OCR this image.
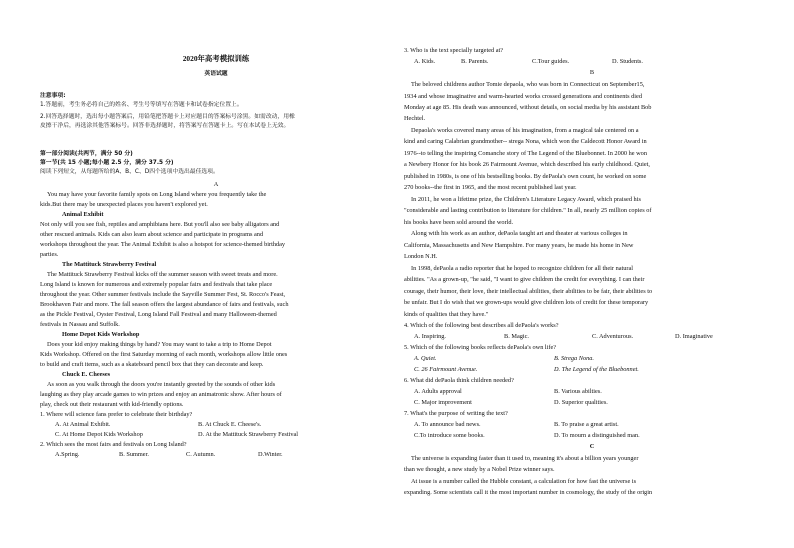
2020年高考模拟训练
英语试题
注意事项:
1.答题前，考生务必将自己的姓名、考生号等填写在答题卡和试卷指定位置上。
2.回答选择题时，选出每小题答案后，用铅笔把答题卡上对应题目的答案标号涂黑。如需改动，用橡
皮擦干净后，再选涂其他答案标号。回答非选择题时，将答案写在答题卡上。写在本试卷上无效。
第一部分阅读(共两节，满分 50 分)
第一节(共 15 小题;每小题 2.5 分，满分 37.5 分)
阅读下列短文，从每题所给的A、B、C、D四个选项中选出最佳选项。
A
You may have your favorite family spots on Long Island where you frequently take the
kids.But there may be unexpected places you haven't explored yet.
Animal Exhibit
Not only will you see fish, reptiles and amphibians here. But you'll also see baby alligators and
other rescued animals. Kids can also learn about science and participate in programs and
workshops throughout the year. The Animal Exhibit is also a hotspot for science-themed birthday
parties.
The Mattituck Strawberry Festival
The Mattituck Strawberry Festival kicks off the summer season with sweet treats and more.
Long Island is known for numerous and extremely popular fairs and festivals that take place
throughout the year. Other summer festivals include the Sayville Summer Fest, St. Rocco's Feast,
Brookhaven Fair and more. The fall season offers the largest abundance of fairs and festivals, such
as the Pickle Festival, Oyster Festival, Long Island Fall Festival and many Halloween-themed
festivals in Nassau and Suffolk.
Home Depot Kids Workshop
Does your kid enjoy making things by hand? You may want to take a trip to Home Depot
Kids Workshop. Offered on the first Saturday morning of each month, workshops allow little ones
to build and craft items, such as a skateboard pencil box that they can decorate and keep.
Chuck E. Cheeses
As soon as you walk through the doors you're instantly greeted by the sounds of other kids
laughing as they play arcade games to win prizes and enjoy an animatronic show. After hours of
play, check out their restaurant with kid-friendly options.
1. Where will science fans prefer to celebrate their birthday?
A. At Animal Exhibit.	B. At Chuck E. Cheese's.
C. At Home Depot Kids Workshop	D. At the Mattituck Strawberry Festival
2. Which sees the most fairs and festivals on Long Island?
A.Spring.	B. Summer.	C. Autumn.	D.Winter.
3. Who is the text specially targeted at?
A. Kids.	B. Parents.	C.Tour guides.	D. Students.
B
The beloved childrens author Tomie depaola, who was born in Connecticut on September15,
1934 and whose imaginative and warm-hearted works crossed generations and continents died
Monday at age 85. His death was announced, without details, on social media by his assistant Bob
Hechtel.
Depaola's works covered many areas of his imagination, from a magical tale centered on a
kind and caring Calabrian grandmother-- strega Nona, which won the Caldecott Honor Award in
1976--to telling the inspiring Comanche story of The Legend of the Bluebonnet. In 2000 he won
a Newbery Honor for his book 26 Fairmount Avenue, which described his early childhood. Quiet,
published in 1980s, is one of his bestselling books. By dePaola's own count, he worked on some
270 books--the first in 1965, and the most recent published last year.
In 2011, he won a lifetime prize, the Children's Literature Legacy Award, which praised his
"considerable and lasting contribution to literature for children." In all, nearly 25 million copies of
his books have been sold around the world.
Along with his work as an author, dePaola taught art and theater at various colleges in
California, Massachusetts and New Hampshire. For many years, he made his home in New
London N.H.
In 1998, dePaola a radio reporter that he hoped to recognize children for all their natural
abilities. "As a grown-up, "he said, "I want to give children the credit for everything. I can their
courage, their humor, their love, their intellectual abilities, their abilities to be fair, their abilities to
be unfair. But I do wish that we grown-ups would give children lots of credit for these temporary
kinds of qualities that they have."
4. Which of the following best describes all dePaola's works?
A. Inspiring.	B. Magic.	C. Adventurous.	D. Imaginative
5. Which of the following books reflects dePaola's own life?
A. Quiet.	B. Strega Nona.
C. 26 Fairmount Avenue.	D. The Legend of the Bluebonnet.
6. What did dePaola think children needed?
A. Adults approval	B. Various abilties.
C. Major improvement	D. Superior qualities.
7. What's the purpose of writing the text?
A. To announce bad news.	B. To praise a great artist.
C.To introduce some books.	D. To mourn a distinguished man.
C
The universe is expanding faster than it used to, meaning it's about a billion years younger
than we thought, a new study by a Nobel Prize winner says.
At issue is a number called the Hubble constant, a calculation for how fast the universe is
expanding. Some scientists call it the most important number in cosmology, the study of the origin
